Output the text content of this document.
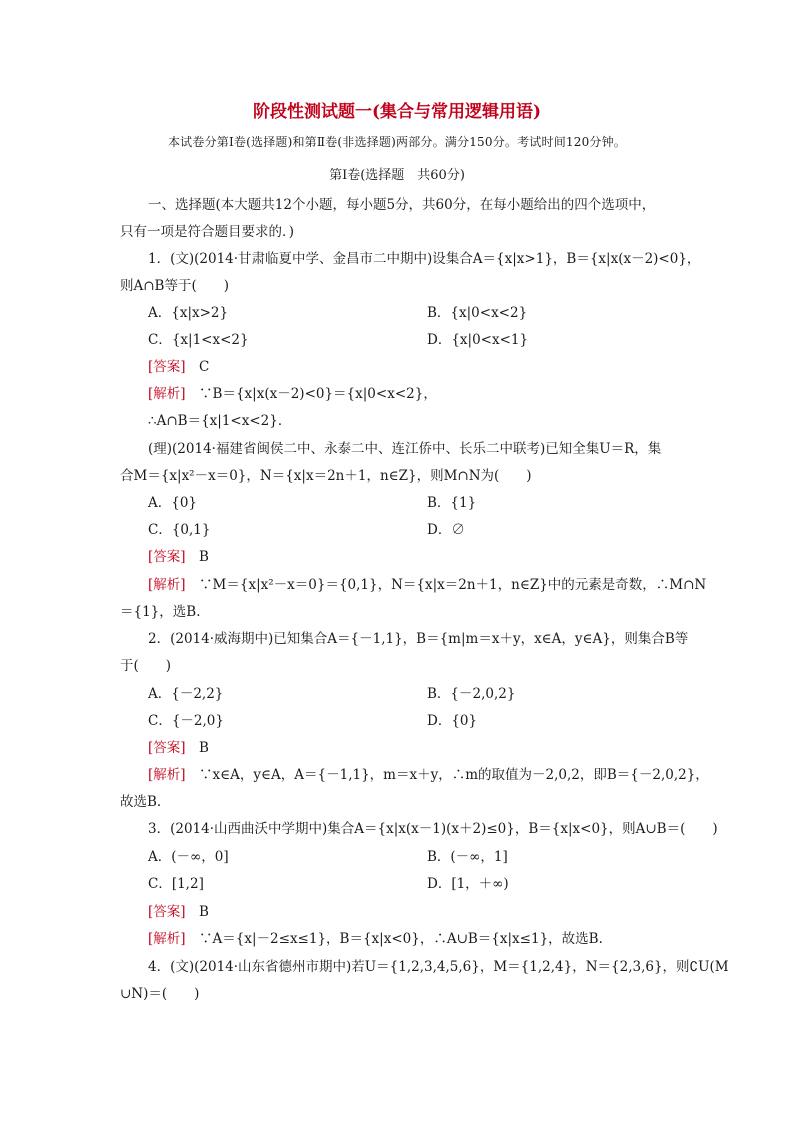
阶段性测试题一(集合与常用逻辑用语)
本试卷分第Ⅰ卷(选择题)和第Ⅱ卷(非选择题)两部分。满分150分。考试时间120分钟。
第Ⅰ卷(选择题　共60分)
一、选择题(本大题共12个小题，每小题5分，共60分，在每小题给出的四个选项中，
只有一项是符合题目要求的．)
1．(文)(2014·甘肃临夏中学、金昌市二中期中)设集合A＝{x|x>1}，B＝{x|x(x－2)<0}，
则A∩B等于(　　)
A．{x|x>2}	B．{x|0<x<2}
C．{x|1<x<2}	D．{x|0<x<1}
[答案]　 C
[解析]　 ∵B＝{x|x(x－2)<0}＝{x|0<x<2}，
∴A∩B＝{x|1<x<2}．
(理)(2014·福建省闽侯二中、永泰二中、连江侨中、长乐二中联考)已知全集U＝R，集
合M＝{x|x²－x＝0}，N＝{x|x＝2n＋1，n∈Z}，则M∩N为(　　)
A．{0}	B．{1}
C．{0,1}	D．∅
[答案]　 B
[解析]　 ∵M＝{x|x²－x＝0}＝{0,1}，N＝{x|x＝2n＋1，n∈Z}中的元素是奇数，∴M∩N
＝{1}，选B.
2．(2014·威海期中)已知集合A＝{－1,1}，B＝{m|m＝x＋y，x∈A，y∈A}，则集合B等
于(　　)
A．{－2,2}	B．{－2,0,2}
C．{－2,0}	D．{0}
[答案]　 B
[解析]　 ∵x∈A，y∈A，A＝{－1,1}，m＝x＋y，∴m的取值为－2,0,2，即B＝{－2,0,2}，
故选B.
3．(2014·山西曲沃中学期中)集合A＝{x|x(x－1)(x＋2)≤0}，B＝{x|x<0}，则A∪B＝(　　)
A．(－∞，0]	B．(－∞，1]
C．[1,2]	D．[1，＋∞)
[答案]　 B
[解析]　 ∵A＝{x|－2≤x≤1}，B＝{x|x<0}，∴A∪B＝{x|x≤1}，故选B.
4．(文)(2014·山东省德州市期中)若U＝{1,2,3,4,5,6}，M＝{1,2,4}，N＝{2,3,6}，则∁U(M
∪N)＝(　　)
